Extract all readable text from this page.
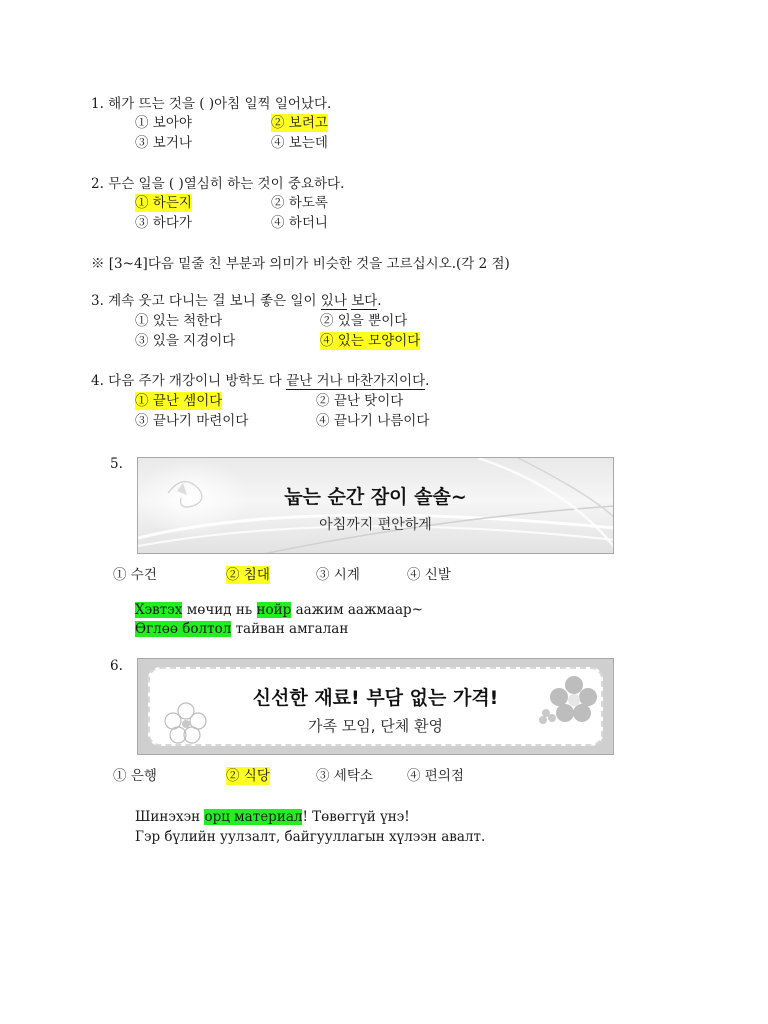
1. 해가 뜨는 것을 ( )아침 일찍 일어났다.
① 보아야	② 보려고
③ 보거나	④ 보는데
2. 무슨 일을 ( )열심히 하는 것이 중요하다.
① 하든지	② 하도록
③ 하다가	④ 하더니
※ [3~4]다음 밑줄 친 부분과 의미가 비슷한 것을 고르십시오.(각 2 점)
3. 계속 웃고 다니는 걸 보니 좋은 일이 있나 보다.
① 있는 척한다	② 있을 뿐이다
③ 있을 지경이다	④ 있는 모양이다
4. 다음 주가 개강이니 방학도 다 끝난 거나 마찬가지이다.
① 끝난 셈이다	② 끝난 탓이다
③ 끝나기 마련이다	④ 끝나기 나름이다
5.
눕는 순간 잠이 솔솔~
아침까지 편안하게
① 수건	② 침대	③ 시계	④ 신발
Хэвтэх мөчид нь нойр аажим аажмаар~
Өглөө болтол тайван амгалан
6.
신선한 재료! 부담 없는 가격!
가족 모임, 단체 환영
① 은행	② 식당	③ 세탁소	④ 편의점
Шинэхэн орц материал! Төвөггүй үнэ!
Гэр бүлийн уулзалт, байгууллагын хүлээн авалт.
